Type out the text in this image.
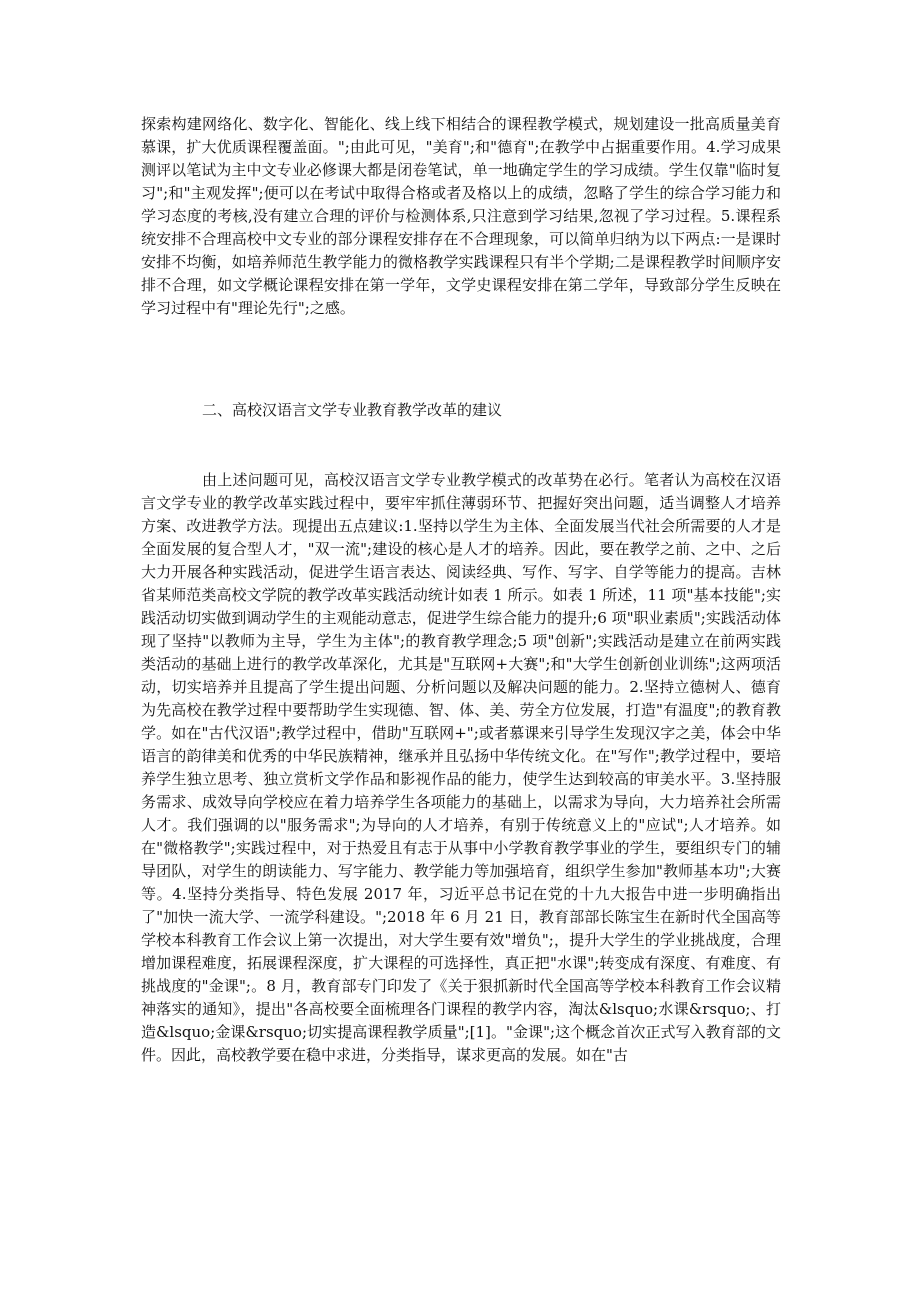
探索构建网络化、数字化、智能化、线上线下相结合的课程教学模式，规划建设一批高质量美育慕课，扩大优质课程覆盖面。";由此可见，"美育";和"德育";在教学中占据重要作用。4.学习成果测评以笔试为主中文专业必修课大都是闭卷笔试，单一地确定学生的学习成绩。学生仅靠"临时复习";和"主观发挥";便可以在考试中取得合格或者及格以上的成绩，忽略了学生的综合学习能力和学习态度的考核,没有建立合理的评价与检测体系,只注意到学习结果,忽视了学习过程。5.课程系统安排不合理高校中文专业的部分课程安排存在不合理现象，可以简单归纳为以下两点:一是课时安排不均衡，如培养师范生教学能力的微格教学实践课程只有半个学期;二是课程教学时间顺序安排不合理，如文学概论课程安排在第一学年，文学史课程安排在第二学年，导致部分学生反映在学习过程中有"理论先行";之感。

二、高校汉语言文学专业教育教学改革的建议

由上述问题可见，高校汉语言文学专业教学模式的改革势在必行。笔者认为高校在汉语言文学专业的教学改革实践过程中，要牢牢抓住薄弱环节、把握好突出问题，适当调整人才培养方案、改进教学方法。现提出五点建议:1.坚持以学生为主体、全面发展当代社会所需要的人才是全面发展的复合型人才，"双一流";建设的核心是人才的培养。因此，要在教学之前、之中、之后大力开展各种实践活动，促进学生语言表达、阅读经典、写作、写字、自学等能力的提高。吉林省某师范类高校文学院的教学改革实践活动统计如表 1 所示。如表 1 所述，11 项"基本技能";实践活动切实做到调动学生的主观能动意志，促进学生综合能力的提升;6 项"职业素质";实践活动体现了坚持"以教师为主导，学生为主体";的教育教学理念;5 项"创新";实践活动是建立在前两实践类活动的基础上进行的教学改革深化，尤其是"互联网+大赛";和"大学生创新创业训练";这两项活动，切实培养并且提高了学生提出问题、分析问题以及解决问题的能力。2.坚持立德树人、德育为先高校在教学过程中要帮助学生实现德、智、体、美、劳全方位发展，打造"有温度";的教育教学。如在"古代汉语";教学过程中，借助"互联网+";或者慕课来引导学生发现汉字之美，体会中华语言的韵律美和优秀的中华民族精神，继承并且弘扬中华传统文化。在"写作";教学过程中，要培养学生独立思考、独立赏析文学作品和影视作品的能力，使学生达到较高的审美水平。3.坚持服务需求、成效导向学校应在着力培养学生各项能力的基础上，以需求为导向，大力培养社会所需人才。我们强调的以"服务需求";为导向的人才培养，有别于传统意义上的"应试";人才培养。如在"微格教学";实践过程中，对于热爱且有志于从事中小学教育教学事业的学生，要组织专门的辅导团队，对学生的朗读能力、写字能力、教学能力等加强培育，组织学生参加"教师基本功";大赛等。4.坚持分类指导、特色发展 2017 年，习近平总书记在党的十九大报告中进一步明确指出了"加快一流大学、一流学科建设。";2018 年 6 月 21 日，教育部部长陈宝生在新时代全国高等学校本科教育工作会议上第一次提出，对大学生要有效"增负";，提升大学生的学业挑战度，合理增加课程难度，拓展课程深度，扩大课程的可选择性，真正把"水课";转变成有深度、有难度、有挑战度的"金课";。8 月，教育部专门印发了《关于狠抓新时代全国高等学校本科教育工作会议精神落实的通知》，提出"各高校要全面梳理各门课程的教学内容，淘汰&lsquo;水课&rsquo;、打造&lsquo;金课&rsquo;切实提高课程教学质量";[1]。"金课";这个概念首次正式写入教育部的文件。因此，高校教学要在稳中求进，分类指导，谋求更高的发展。如在"古
